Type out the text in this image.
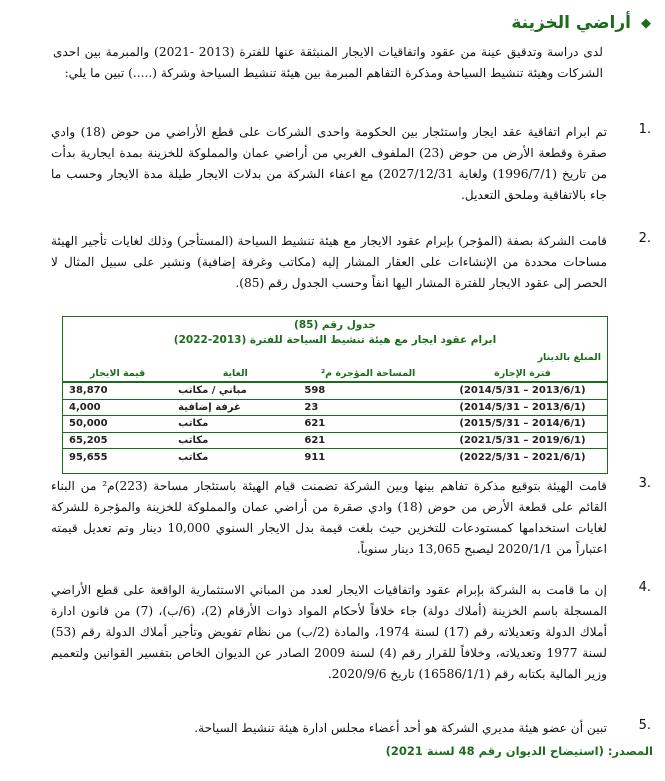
◆
أراضي الخزينة

لدى دراسة وتدقيق عينة من عقود واتفاقيات الايجار المنبثقة عنها للفترة (2013 -2021) والمبرمة بين احدى الشركات وهيئة تنشيط السياحة ومذكرة التفاهم المبرمة بين هيئة تنشيط السياحة وشركة (.....) تبين ما يلي:

.1

تم ابرام اتفاقية عقد ايجار واستئجار بين الحكومة واحدى الشركات على قطع الأراضي من حوض (18) وادي صقرة وقطعة الأرض من حوض (23) الملفوف الغربي من أراضي عمان والمملوكة للخزينة بمدة ايجارية بدأت من تاريخ (1996/7/1) ولغاية 2027/12/31) مع اعفاء الشركة من بدلات الايجار طيلة مدة الايجار وحسب ما جاء بالاتفاقية وملحق التعديل.

.2

قامت الشركة بصفة (المؤجر) بإبرام عقود الايجار مع هيئة تنشيط السياحة (المستأجر) وذلك لغايات تأجير الهيئة مساحات محددة من الإنشاءات على العقار المشار إليه (مكاتب وغرفة إضافية) ونشير على سبيل المثال لا الحصر إلى عقود الايجار للفترة المشار اليها انفاً وحسب الجدول رقم (85).

جدول رقم (85)
ابرام عقود ايجار مع هيئة تنشيط السياحة للفترة (2013-2022)
المبلغ بالدينار
فترة الإجارة	المساحة المؤجرة م²	الغاية	قيمة الايجار
(2013/6/1 – 2014/5/31)	598	مباني / مكاتب	38,870
(2013/6/1 – 2014/5/31)	23	غرفة إضافية	4,000
(2014/6/1 – 2015/5/31)	621	مكاتب	50,000
(2019/6/1 – 2021/5/31)	621	مكاتب	65,205
(2021/6/1 – 2022/5/31)	911	مكاتب	95,655
.3

قامت الهيئة بتوقيع مذكرة تفاهم بينها وبين الشركة تضمنت قيام الهيئة باستئجار مساحة (223)م² من البناء القائم على قطعة الأرض من حوض (18) وادي صقرة من أراضي عمان والمملوكة للخزينة والمؤجرة للشركة لغايات استخدامها كمستودعات للتخزين حيث بلغت قيمة بدل الايجار السنوي 10,000 دينار وتم تعديل قيمته اعتباراً من 2020/1/1 ليصبح 13,065 دينار سنوياً.

.4

إن ما قامت به الشركة بإبرام عقود واتفاقيات الايجار لعدد من المباني الاستثمارية الواقعة على قطع الأراضي المسجلة باسم الخزينة (أملاك دولة) جاء خلافاً لأحكام المواد ذوات الأرقام (2)، (6/ب)، (7) من قانون ادارة أملاك الدولة وتعديلاته رقم (17) لسنة 1974، والمادة (2/ب) من نظام تفويض وتأجير أملاك الدولة رقم (53) لسنة 1977 وتعديلاته، وخلافاً للقرار رقم (4) لسنة 2009 الصادر عن الديوان الخاص بتفسير القوانين ولتعميم وزير المالية بكتابه رقم (16586/1/1) تاريخ 2020/9/6.

.5

تبين أن عضو هيئة مديري الشركة هو أحد أعضاء مجلس ادارة هيئة تنشيط السياحة.

المصدر: (استيضاح الديوان رقم 48 لسنة 2021)
